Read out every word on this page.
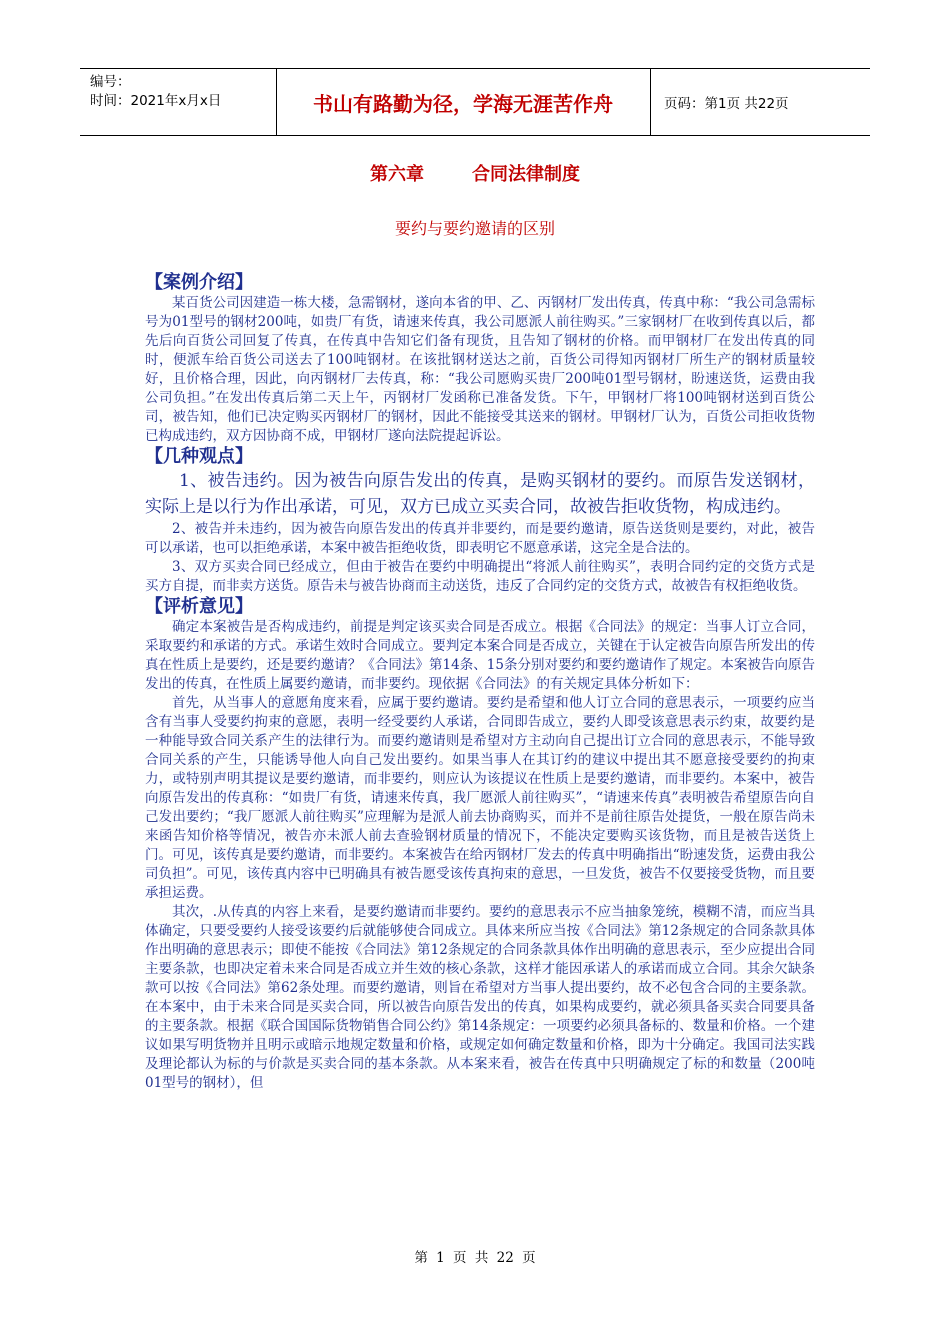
编号：
时间：2021年x月x日	书山有路勤为径，学海无涯苦作舟	页码：第1页 共22页
第六章	合同法律制度
要约与要约邀请的区别
【案例介绍】

某百货公司因建造一栋大楼，急需钢材，遂向本省的甲、乙、丙钢材厂发出传真，传真中称：“我公司急需标号为01型号的钢材200吨，如贵厂有货，请速来传真，我公司愿派人前往购买。”三家钢材厂在收到传真以后，都先后向百货公司回复了传真，在传真中告知它们备有现货，且告知了钢材的价格。而甲钢材厂在发出传真的同时，便派车给百货公司送去了100吨钢材。在该批钢材送达之前，百货公司得知丙钢材厂所生产的钢材质量较好，且价格合理，因此，向丙钢材厂去传真，称：“我公司愿购买贵厂200吨01型号钢材，盼速送货，运费由我公司负担。”在发出传真后第二天上午，丙钢材厂发函称已准备发货。下午，甲钢材厂将100吨钢材送到百货公司，被告知，他们已决定购买丙钢材厂的钢材，因此不能接受其送来的钢材。甲钢材厂认为，百货公司拒收货物已构成违约，双方因协商不成，甲钢材厂遂向法院提起诉讼。

【几种观点】

1、被告违约。因为被告向原告发出的传真，是购买钢材的要约。而原告发送钢材，实际上是以行为作出承诺，可见，双方已成立买卖合同，故被告拒收货物，构成违约。

2、被告并未违约，因为被告向原告发出的传真并非要约，而是要约邀请，原告送货则是要约，对此，被告可以承诺，也可以拒绝承诺，本案中被告拒绝收货，即表明它不愿意承诺，这完全是合法的。

3、双方买卖合同已经成立，但由于被告在要约中明确提出“将派人前往购买”，表明合同约定的交货方式是买方自提，而非卖方送货。原告未与被告协商而主动送货，违反了合同约定的交货方式，故被告有权拒绝收货。

【评析意见】

确定本案被告是否构成违约，前提是判定该买卖合同是否成立。根据《合同法》的规定：当事人订立合同，采取要约和承诺的方式。承诺生效时合同成立。要判定本案合同是否成立，关键在于认定被告向原告所发出的传真在性质上是要约，还是要约邀请？《合同法》第14条、15条分别对要约和要约邀请作了规定。本案被告向原告发出的传真，在性质上属要约邀请，而非要约。现依据《合同法》的有关规定具体分析如下：

首先，从当事人的意愿角度来看，应属于要约邀请。要约是希望和他人订立合同的意思表示，一项要约应当含有当事人受要约拘束的意愿，表明一经受要约人承诺，合同即告成立，要约人即受该意思表示约束，故要约是一种能导致合同关系产生的法律行为。而要约邀请则是希望对方主动向自己提出订立合同的意思表示，不能导致合同关系的产生，只能诱导他人向自己发出要约。如果当事人在其订约的建议中提出其不愿意接受要约的拘束力，或特别声明其提议是要约邀请，而非要约，则应认为该提议在性质上是要约邀请，而非要约。本案中，被告向原告发出的传真称：“如贵厂有货，请速来传真，我厂愿派人前往购买”，“请速来传真”表明被告希望原告向自己发出要约；“我厂愿派人前往购买”应理解为是派人前去协商购买，而并不是前往原告处提货，一般在原告尚未来函告知价格等情况，被告亦未派人前去查验钢材质量的情况下，不能决定要购买该货物，而且是被告送货上门。可见，该传真是要约邀请，而非要约。本案被告在给丙钢材厂发去的传真中明确指出“盼速发货，运费由我公司负担”。可见，该传真内容中已明确具有被告愿受该传真拘束的意思，一旦发货，被告不仅要接受货物，而且要承担运费。

其次，.从传真的内容上来看，是要约邀请而非要约。要约的意思表示不应当抽象笼统，模糊不清，而应当具体确定，只要受要约人接受该要约后就能够使合同成立。具体来所应当按《合同法》第12条规定的合同条款具体作出明确的意思表示；即使不能按《合同法》第12条规定的合同条款具体作出明确的意思表示，至少应提出合同主要条款，也即决定着未来合同是否成立并生效的核心条款，这样才能因承诺人的承诺而成立合同。其余欠缺条款可以按《合同法》第62条处理。而要约邀请，则旨在希望对方当事人提出要约，故不必包含合同的主要条款。在本案中，由于未来合同是买卖合同，所以被告向原告发出的传真，如果构成要约，就必须具备买卖合同要具备的主要条款。根据《联合国国际货物销售合同公约》第14条规定：一项要约必须具备标的、数量和价格。一个建议如果写明货物并且明示或暗示地规定数量和价格，或规定如何确定数量和价格，即为十分确定。我国司法实践及理论都认为标的与价款是买卖合同的基本条款。从本案来看，被告在传真中只明确规定了标的和数量（200吨01型号的钢材），但

第 1 页 共 22 页
